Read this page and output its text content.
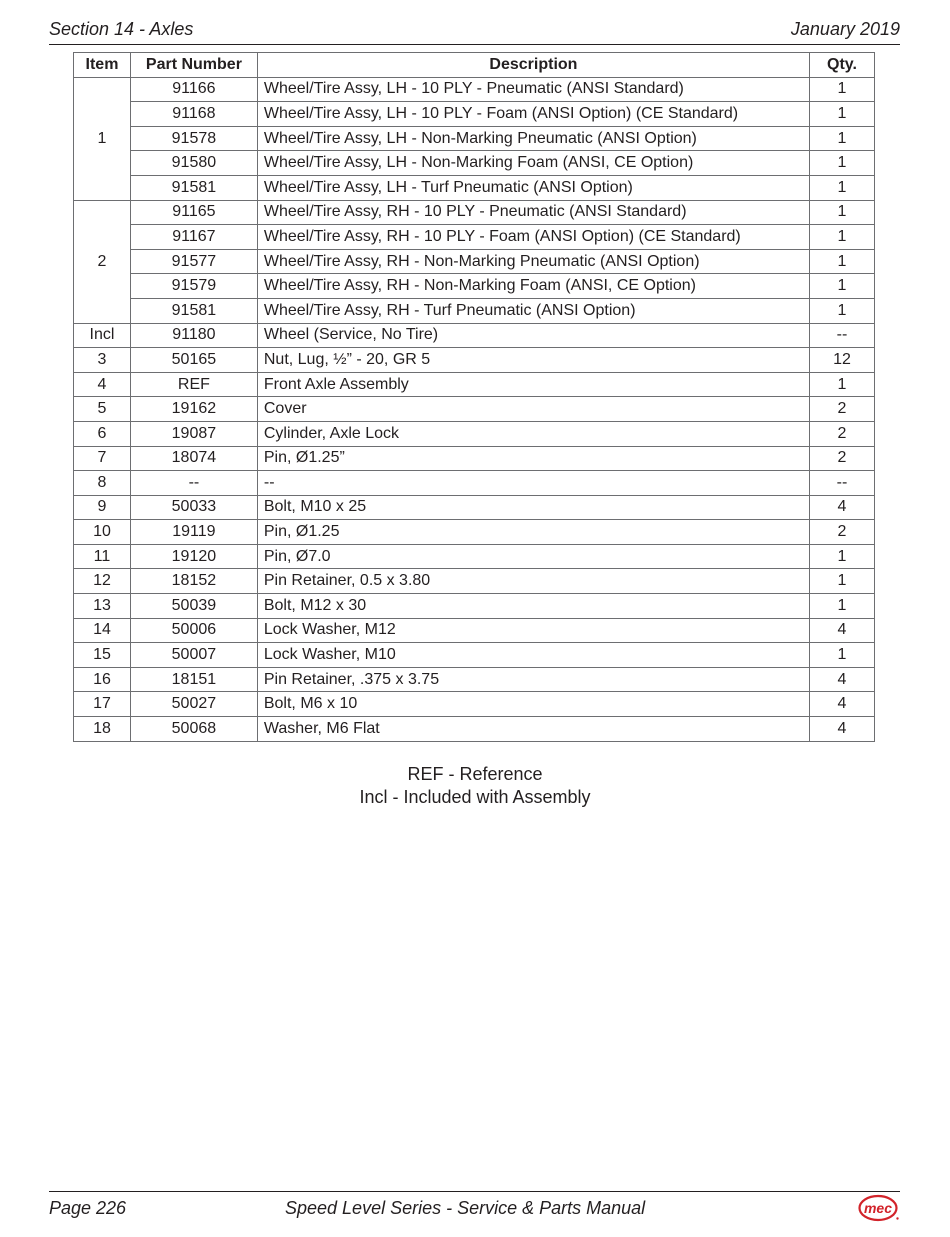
Section 14 - Axles	January 2019
Item	Part Number	Description	Qty.
1	91166	Wheel/Tire Assy, LH - 10 PLY - Pneumatic (ANSI Standard)	1
	91168	Wheel/Tire Assy, LH - 10 PLY - Foam (ANSI Option) (CE Standard)	1
	91578	Wheel/Tire Assy, LH - Non-Marking Pneumatic (ANSI Option)	1
	91580	Wheel/Tire Assy, LH - Non-Marking Foam (ANSI, CE Option)	1
	91581	Wheel/Tire Assy, LH - Turf Pneumatic (ANSI Option)	1
2	91165	Wheel/Tire Assy, RH - 10 PLY - Pneumatic (ANSI Standard)	1
	91167	Wheel/Tire Assy, RH - 10 PLY - Foam (ANSI Option) (CE Standard)	1
	91577	Wheel/Tire Assy, RH - Non-Marking Pneumatic (ANSI Option)	1
	91579	Wheel/Tire Assy, RH - Non-Marking Foam (ANSI, CE Option)	1
	91581	Wheel/Tire Assy, RH - Turf Pneumatic (ANSI Option)	1
Incl	91180	Wheel (Service, No Tire)	--
3	50165	Nut, Lug, ½” - 20, GR 5	12
4	REF	Front Axle Assembly	1
5	19162	Cover	2
6	19087	Cylinder, Axle Lock	2
7	18074	Pin, Ø1.25”	2
8	--	--	--
9	50033	Bolt, M10 x 25	4
10	19119	Pin, Ø1.25	2
11	19120	Pin, Ø7.0	1
12	18152	Pin Retainer, 0.5 x 3.80	1
13	50039	Bolt, M12 x 30	1
14	50006	Lock Washer, M12	4
15	50007	Lock Washer, M10	1
16	18151	Pin Retainer, .375 x 3.75	4
17	50027	Bolt, M6 x 10	4
18	50068	Washer, M6 Flat	4
REF - Reference
Incl - Included with Assembly
Page 226	Speed Level Series - Service & Parts Manual	mec
